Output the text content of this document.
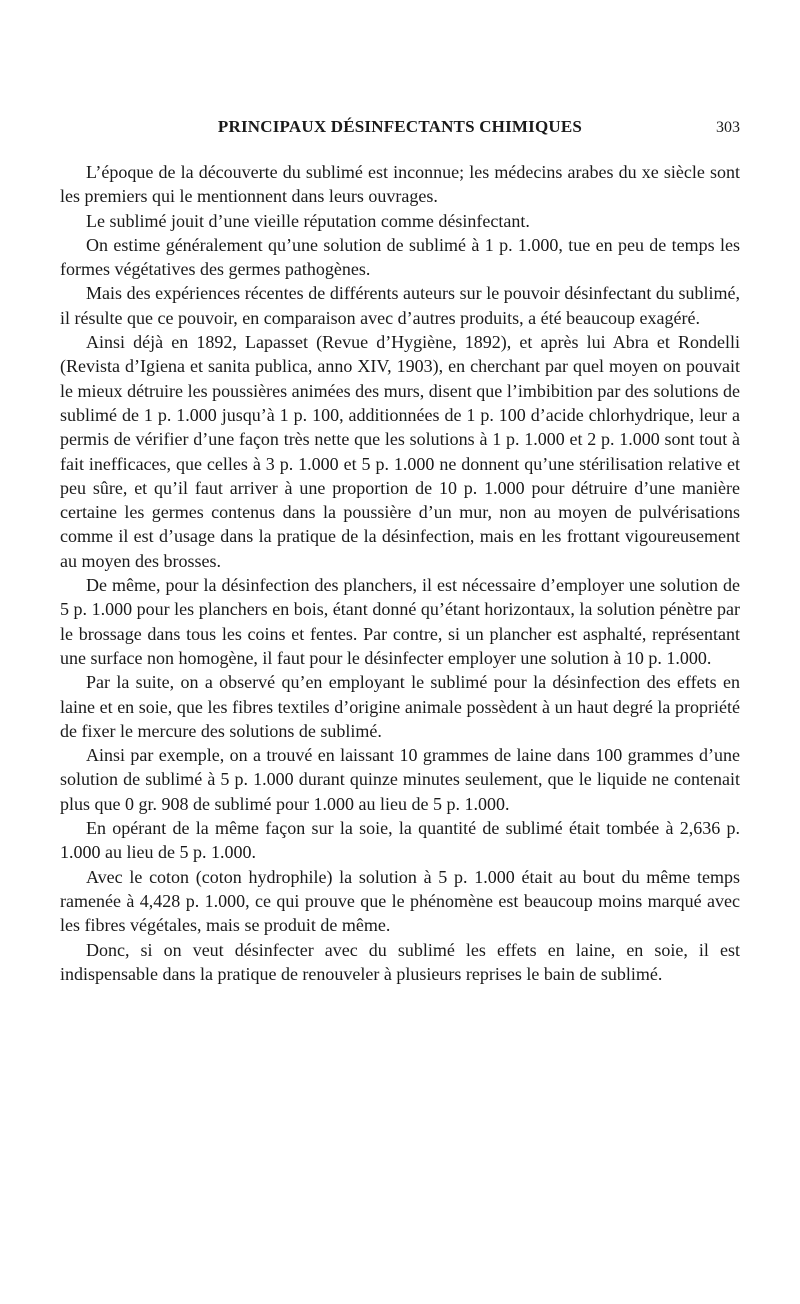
PRINCIPAUX DÉSINFECTANTS CHIMIQUES	303

L’époque de la découverte du sublimé est inconnue; les médecins arabes du xe siècle sont les premiers qui le mentionnent dans leurs ouvrages.

Le sublimé jouit d’une vieille réputation comme désinfectant.

On estime généralement qu’une solution de sublimé à 1 p. 1.000, tue en peu de temps les formes végétatives des germes pathogènes.

Mais des expériences récentes de différents auteurs sur le pouvoir désinfectant du sublimé, il résulte que ce pouvoir, en comparaison avec d’autres produits, a été beaucoup exagéré.

Ainsi déjà en 1892, Lapasset (Revue d’Hygiène, 1892), et après lui Abra et Rondelli (Revista d’Igiena et sanita publica, anno XIV, 1903), en cherchant par quel moyen on pouvait le mieux détruire les poussières animées des murs, disent que l’imbibition par des solutions de sublimé de 1 p. 1.000 jusqu’à 1 p. 100, additionnées de 1 p. 100 d’acide chlorhydrique, leur a permis de vérifier d’une façon très nette que les solutions à 1 p. 1.000 et 2 p. 1.000 sont tout à fait inefficaces, que celles à 3 p. 1.000 et 5 p. 1.000 ne donnent qu’une stérilisation relative et peu sûre, et qu’il faut arriver à une proportion de 10 p. 1.000 pour détruire d’une manière certaine les germes contenus dans la poussière d’un mur, non au moyen de pulvérisations comme il est d’usage dans la pratique de la désinfection, mais en les frottant vigoureusement au moyen des brosses.

De même, pour la désinfection des planchers, il est nécessaire d’employer une solution de 5 p. 1.000 pour les planchers en bois, étant donné qu’étant horizontaux, la solution pénètre par le brossage dans tous les coins et fentes. Par contre, si un plancher est asphalté, représentant une surface non homogène, il faut pour le désinfecter employer une solution à 10 p. 1.000.

Par la suite, on a observé qu’en employant le sublimé pour la désinfection des effets en laine et en soie, que les fibres textiles d’origine animale possèdent à un haut degré la propriété de fixer le mercure des solutions de sublimé.

Ainsi par exemple, on a trouvé en laissant 10 grammes de laine dans 100 grammes d’une solution de sublimé à 5 p. 1.000 durant quinze minutes seulement, que le liquide ne contenait plus que 0 gr. 908 de sublimé pour 1.000 au lieu de 5 p. 1.000.

En opérant de la même façon sur la soie, la quantité de sublimé était tombée à 2,636 p. 1.000 au lieu de 5 p. 1.000.

Avec le coton (coton hydrophile) la solution à 5 p. 1.000 était au bout du même temps ramenée à 4,428 p. 1.000, ce qui prouve que le phénomène est beaucoup moins marqué avec les fibres végétales, mais se produit de même.

Donc, si on veut désinfecter avec du sublimé les effets en laine, en soie, il est indispensable dans la pratique de renouveler à plusieurs reprises le bain de sublimé.
